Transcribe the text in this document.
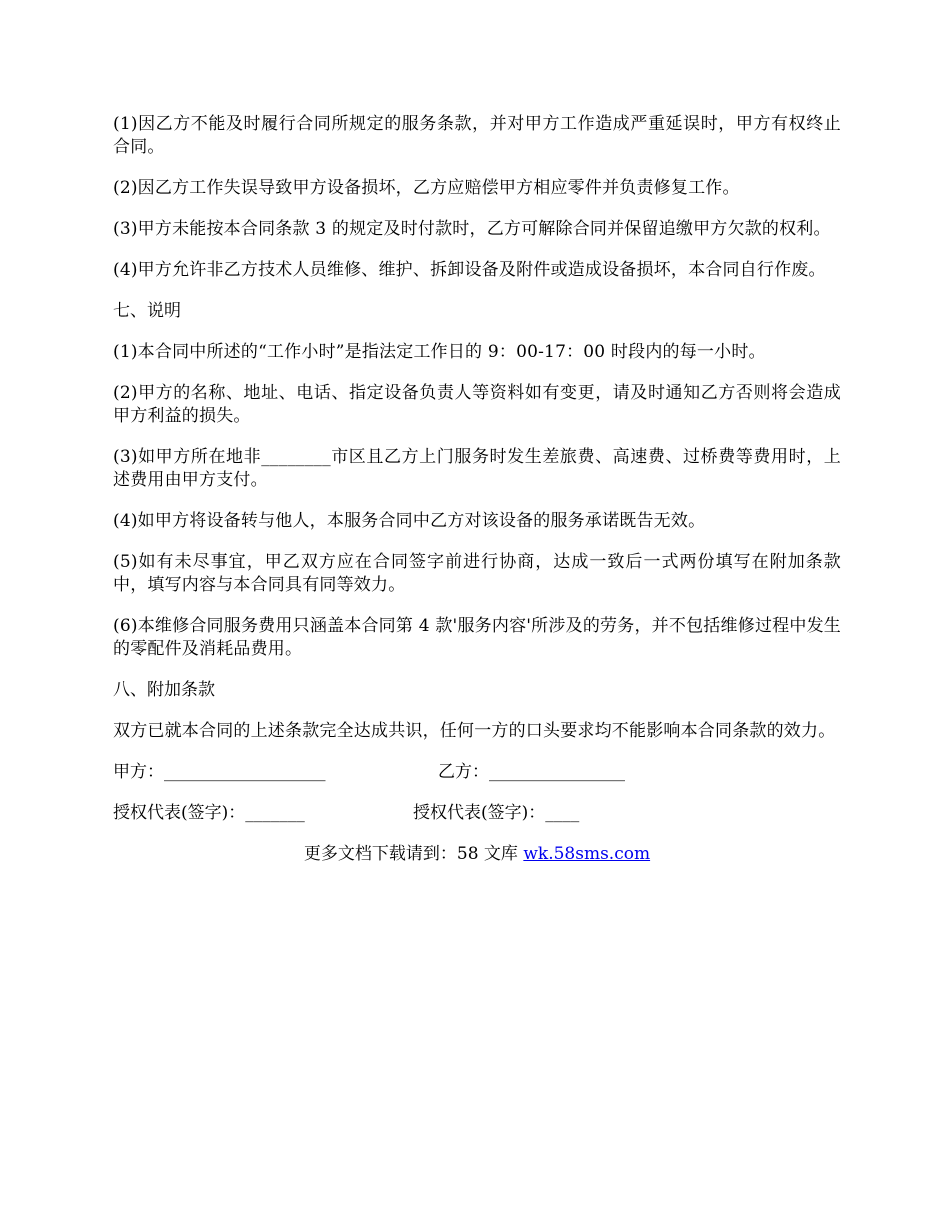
(1)因乙方不能及时履行合同所规定的服务条款，并对甲方工作造成严重延误时，甲方有权终止合同。

(2)因乙方工作失误导致甲方设备损坏，乙方应赔偿甲方相应零件并负责修复工作。

(3)甲方未能按本合同条款 3 的规定及时付款时，乙方可解除合同并保留追缴甲方欠款的权利。

(4)甲方允许非乙方技术人员维修、维护、拆卸设备及附件或造成设备损坏，本合同自行作废。

七、说明

(1)本合同中所述的“工作小时”是指法定工作日的 9：00-17：00 时段内的每一小时。

(2)甲方的名称、地址、电话、指定设备负责人等资料如有变更，请及时通知乙方否则将会造成甲方利益的损失。

(3)如甲方所在地非________市区且乙方上门服务时发生差旅费、高速费、过桥费等费用时，上述费用由甲方支付。

(4)如甲方将设备转与他人，本服务合同中乙方对该设备的服务承诺既告无效。

(5)如有未尽事宜，甲乙双方应在合同签字前进行协商，达成一致后一式两份填写在附加条款中，填写内容与本合同具有同等效力。

(6)本维修合同服务费用只涵盖本合同第 4 款'服务内容'所涉及的劳务，并不包括维修过程中发生的零配件及消耗品费用。

八、附加条款

双方已就本合同的上述条款完全达成共识，任何一方的口头要求均不能影响本合同条款的效力。

甲方：___________________	乙方：________________
授权代表(签字)：_______	授权代表(签字)：____
更多文档下载请到：58 文库 wk.58sms.com
